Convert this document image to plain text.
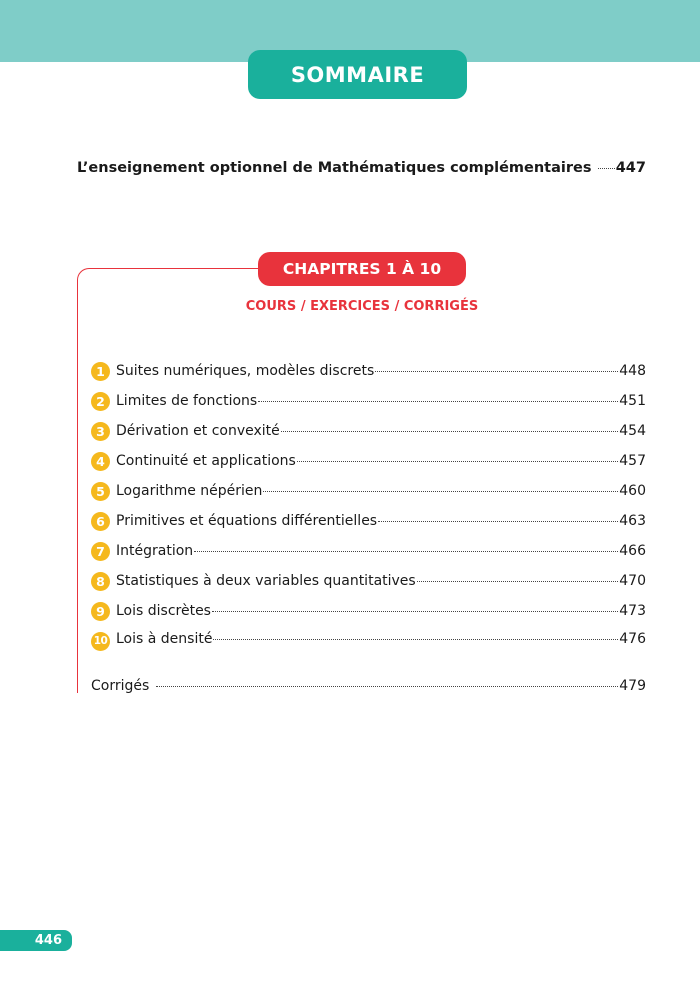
SOMMAIRE
L’enseignement optionnel de Mathématiques complémentaires 447
CHAPITRES 1 À 10
COURS / EXERCICES / CORRIGÉS
1 Suites numériques, modèles discrets	448
2 Limites de fonctions	451
3 Dérivation et convexité	454
4 Continuité et applications	457
5 Logarithme népérien	460
6 Primitives et équations différentielles	463
7 Intégration	466
8 Statistiques à deux variables quantitatives	470
9 Lois discrètes	473
10 Lois à densité	476
Corrigés	479
446
